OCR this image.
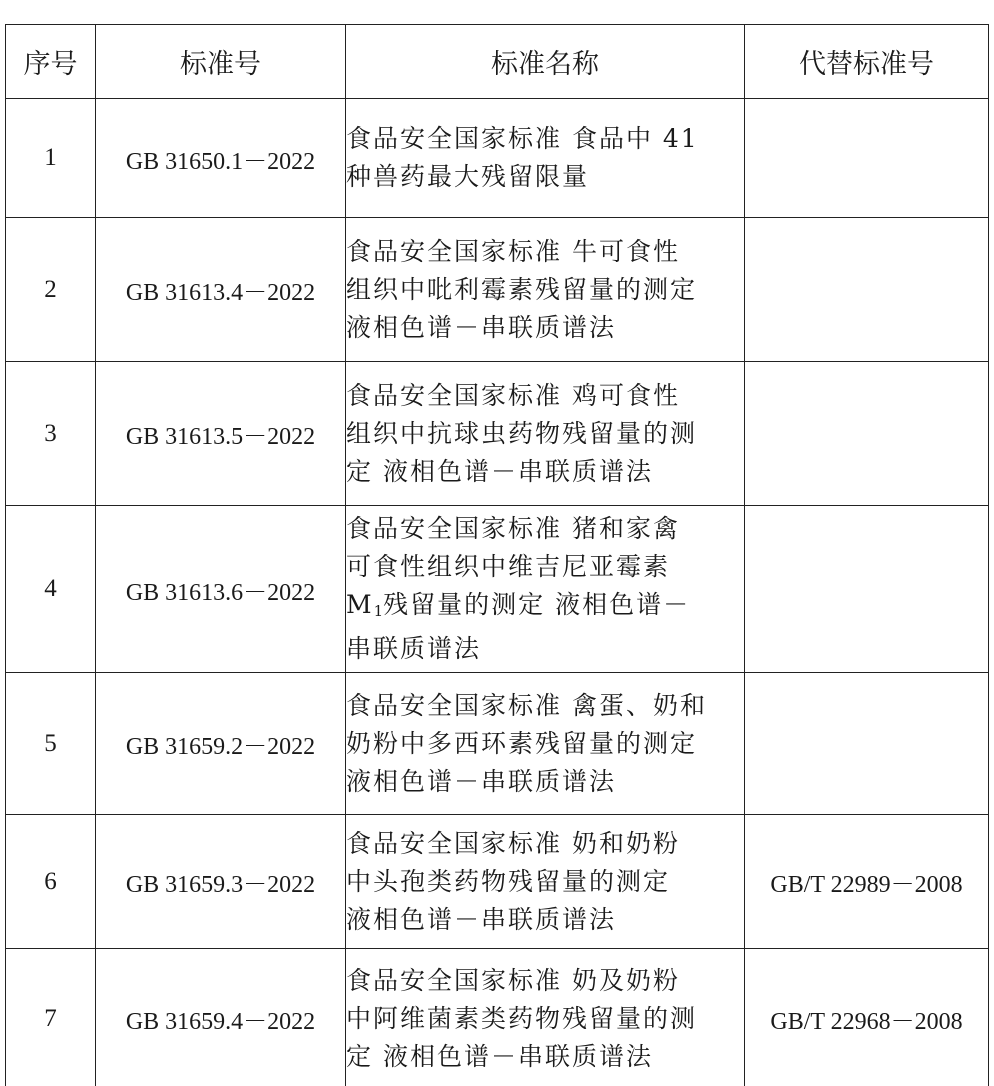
序号	标准号	标准名称	代替标准号
1	GB 31650.1－2022	食品安全国家标准 食品中 41
种兽药最大残留限量	

2	GB 31613.4－2022	食品安全国家标准 牛可食性
组织中吡利霉素残留量的测定
液相色谱－串联质谱法	

3	GB 31613.5－2022	食品安全国家标准 鸡可食性
组织中抗球虫药物残留量的测
定 液相色谱－串联质谱法	

4	GB 31613.6－2022	食品安全国家标准 猪和家禽
可食性组织中维吉尼亚霉素
$M_1$残留量的测定 液相色谱－
串联质谱法	

5	GB 31659.2－2022	食品安全国家标准 禽蛋、奶和
奶粉中多西环素残留量的测定
液相色谱－串联质谱法	

6	GB 31659.3－2022	食品安全国家标准 奶和奶粉
中头孢类药物残留量的测定
液相色谱－串联质谱法	GB/T 22989－2008
7	GB 31659.4－2022	食品安全国家标准 奶及奶粉
中阿维菌素类药物残留量的测
定 液相色谱－串联质谱法	GB/T 22968－2008
